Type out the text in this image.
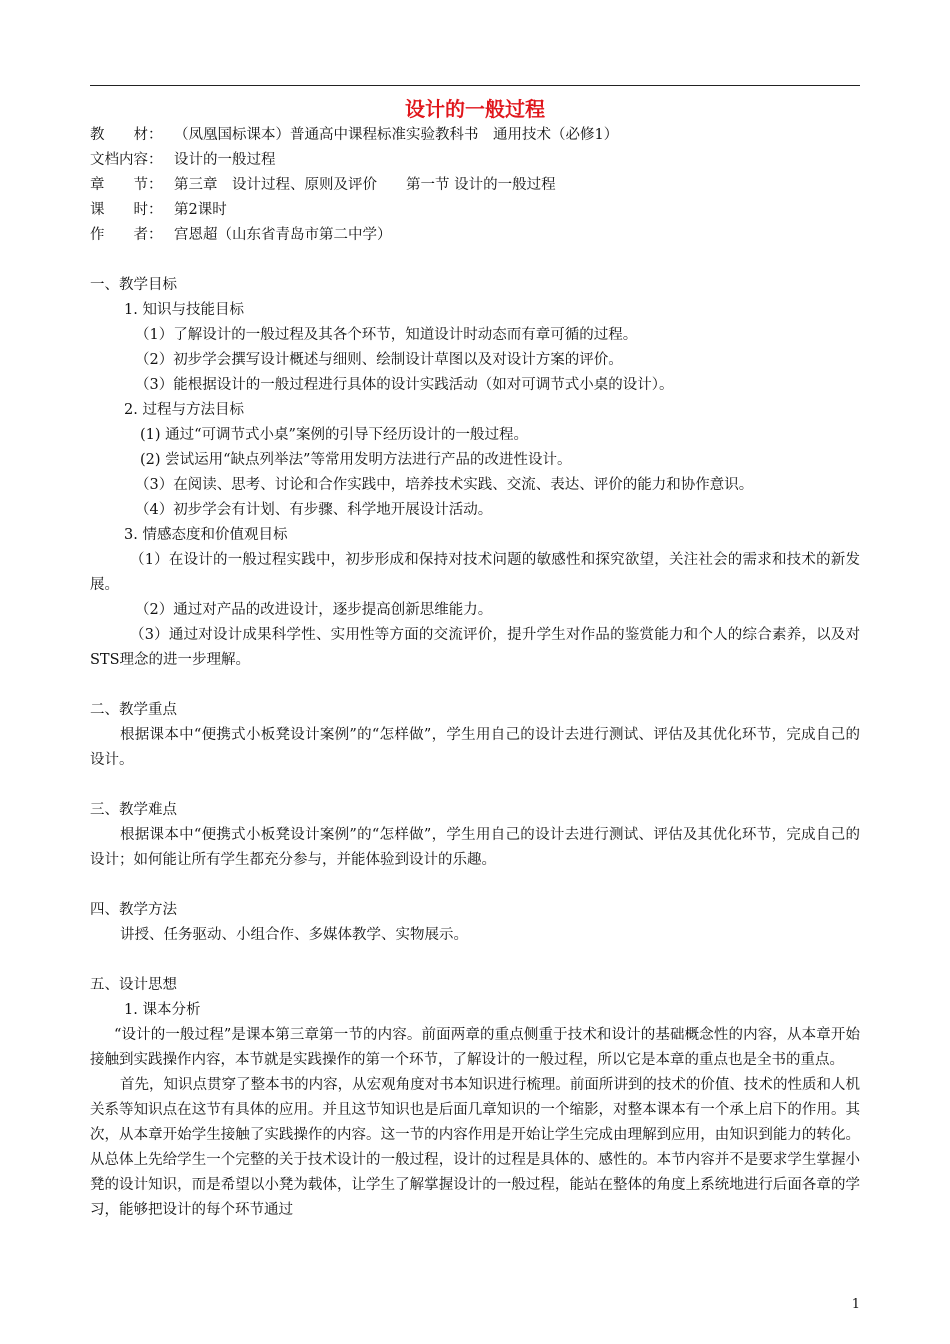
设计的一般过程
教　　材： （凤凰国标课本）普通高中课程标准实验教科书　通用技术（必修1）
文档内容： 设计的一般过程
章　　节： 第三章　设计过程、原则及评价　　第一节 设计的一般过程
课　　时： 第2课时
作　　者： 宫恩超（山东省青岛市第二中学）
一、教学目标
1. 知识与技能目标
（1）了解设计的一般过程及其各个环节，知道设计时动态而有章可循的过程。
（2）初步学会撰写设计概述与细则、绘制设计草图以及对设计方案的评价。
（3）能根据设计的一般过程进行具体的设计实践活动（如对可调节式小桌的设计）。
2. 过程与方法目标
(1) 通过“可调节式小桌”案例的引导下经历设计的一般过程。
(2) 尝试运用“缺点列举法”等常用发明方法进行产品的改进性设计。
（3）在阅读、思考、讨论和合作实践中，培养技术实践、交流、表达、评价的能力和协作意识。
（4）初步学会有计划、有步骤、科学地开展设计活动。
3. 情感态度和价值观目标
（1）在设计的一般过程实践中，初步形成和保持对技术问题的敏感性和探究欲望，关注社会的需求和技术的新发展。
（2）通过对产品的改进设计，逐步提高创新思维能力。
（3）通过对设计成果科学性、实用性等方面的交流评价，提升学生对作品的鉴赏能力和个人的综合素养，以及对STS理念的进一步理解。
二、教学重点
根据课本中“便携式小板凳设计案例”的“怎样做”，学生用自己的设计去进行测试、评估及其优化环节，完成自己的设计。
三、教学难点
根据课本中“便携式小板凳设计案例”的“怎样做”，学生用自己的设计去进行测试、评估及其优化环节，完成自己的设计；如何能让所有学生都充分参与，并能体验到设计的乐趣。
四、教学方法
讲授、任务驱动、小组合作、多媒体教学、实物展示。
五、设计思想
1. 课本分析
“设计的一般过程”是课本第三章第一节的内容。前面两章的重点侧重于技术和设计的基础概念性的内容，从本章开始接触到实践操作内容，本节就是实践操作的第一个环节，了解设计的一般过程，所以它是本章的重点也是全书的重点。
首先，知识点贯穿了整本书的内容，从宏观角度对书本知识进行梳理。前面所讲到的技术的价值、技术的性质和人机关系等知识点在这节有具体的应用。并且这节知识也是后面几章知识的一个缩影，对整本课本有一个承上启下的作用。其次，从本章开始学生接触了实践操作的内容。这一节的内容作用是开始让学生完成由理解到应用，由知识到能力的转化。从总体上先给学生一个完整的关于技术设计的一般过程，设计的过程是具体的、感性的。本节内容并不是要求学生掌握小凳的设计知识，而是希望以小凳为载体，让学生了解掌握设计的一般过程，能站在整体的角度上系统地进行后面各章的学习，能够把设计的每个环节通过
1
